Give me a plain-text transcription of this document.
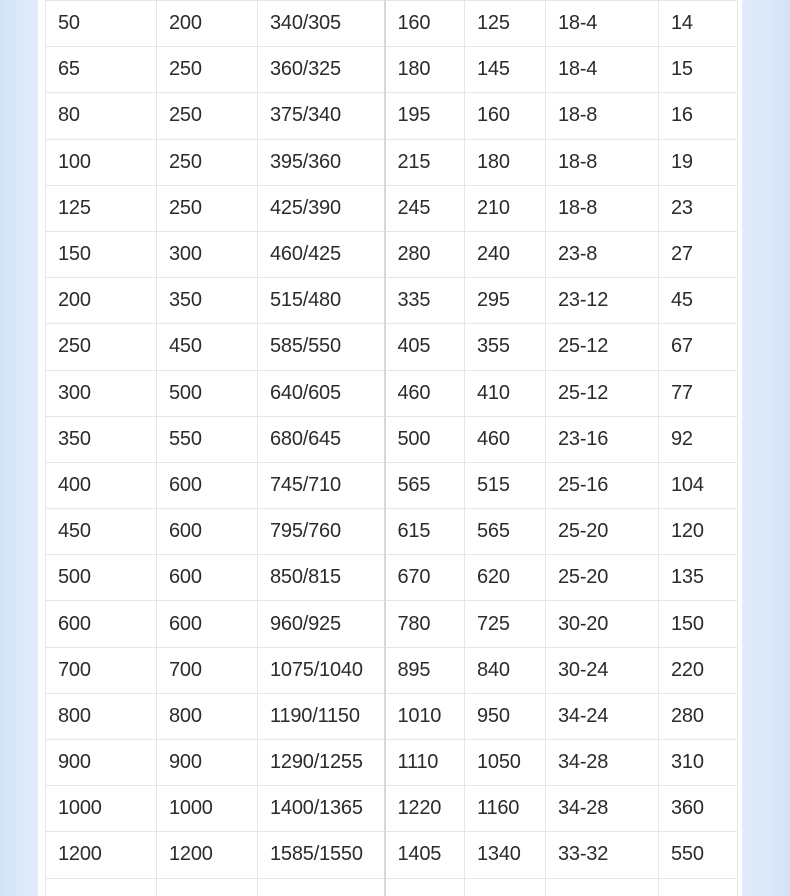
50	200	340/305	160	125	18-4	14
65	250	360/325	180	145	18-4	15
80	250	375/340	195	160	18-8	16
100	250	395/360	215	180	18-8	19
125	250	425/390	245	210	18-8	23
150	300	460/425	280	240	23-8	27
200	350	515/480	335	295	23-12	45
250	450	585/550	405	355	25-12	67
300	500	640/605	460	410	25-12	77
350	550	680/645	500	460	23-16	92
400	600	745/710	565	515	25-16	104
450	600	795/760	615	565	25-20	120
500	600	850/815	670	620	25-20	135
600	600	960/925	780	725	30-20	150
700	700	1075/1040	895	840	30-24	220
800	800	1190/1150	1010	950	34-24	280
900	900	1290/1255	1110	1050	34-28	310
1000	1000	1400/1365	1220	1160	34-28	360
1200	1200	1585/1550	1405	1340	33-32	550
